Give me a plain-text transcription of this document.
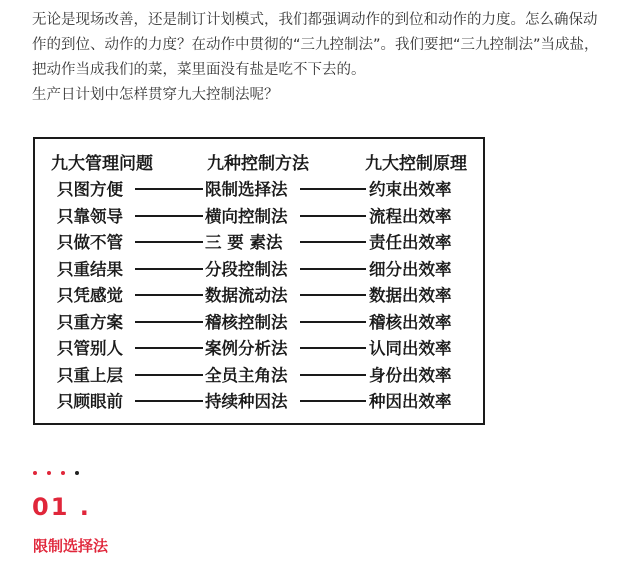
无论是现场改善，还是制订计划模式，我们都强调动作的到位和动作的力度。怎么确保动作的到位、动作的力度？在动作中贯彻的“三九控制法”。我们要把“三九控制法”当成盐，把动作当成我们的菜，菜里面没有盐是吃不下去的。

生产日计划中怎样贯穿九大控制法呢？

九大管理问题	九种控制方法	九大控制原理
只图方便	限制选择法	约束出效率
只靠领导	横向控制法	流程出效率
只做不管	三 要 素法	责任出效率
只重结果	分段控制法	细分出效率
只凭感觉	数据流动法	数据出效率
只重方案	稽核控制法	稽核出效率
只管别人	案例分析法	认同出效率
只重上层	全员主角法	身份出效率
只顾眼前	持续种因法	种因出效率
01 .
限制选择法
